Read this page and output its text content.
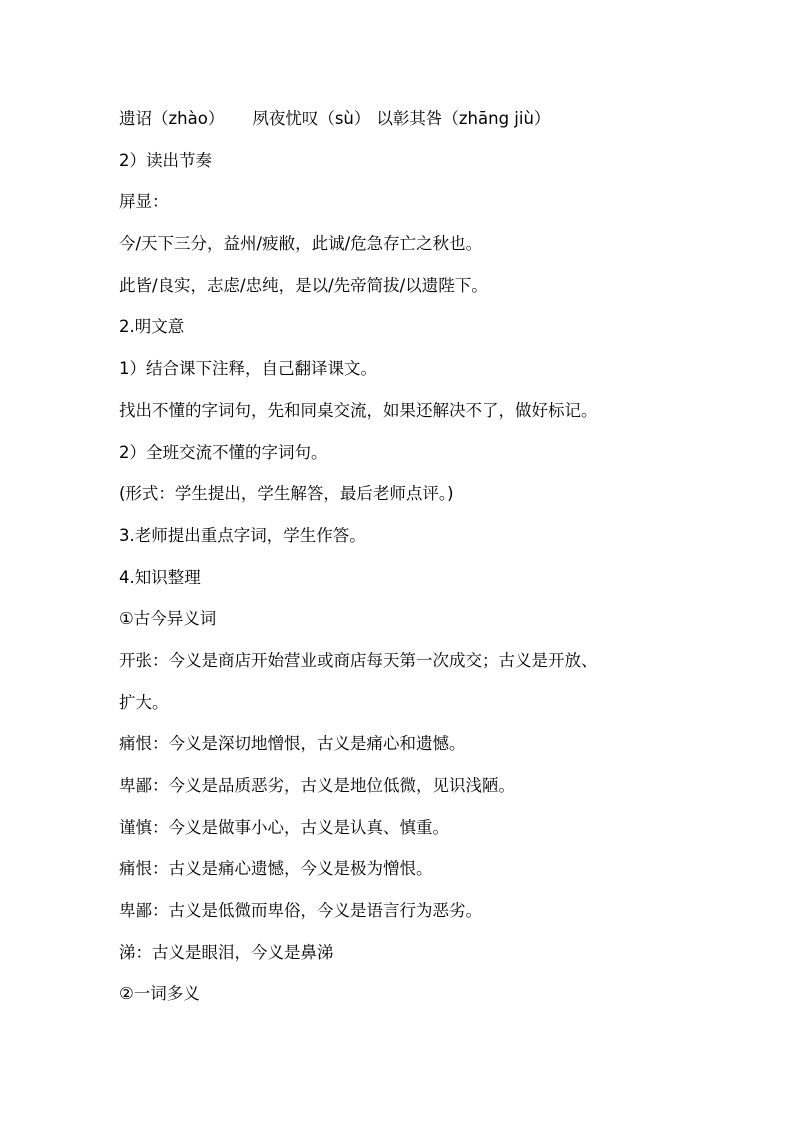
遗诏（zhào） 夙夜忧叹（sù） 以彰其咎（zhāng jiù）
2）读出节奏
屏显：
今/天下三分，益州/疲敝，此诚/危急存亡之秋也。
此皆/良实，志虑/忠纯，是以/先帝简拔/以遗陛下。
2.明文意
1）结合课下注释，自己翻译课文。
找出不懂的字词句，先和同桌交流，如果还解决不了，做好标记。
2）全班交流不懂的字词句。
(形式：学生提出，学生解答，最后老师点评。)
3.老师提出重点字词，学生作答。
4.知识整理
①古今异义词
开张：今义是商店开始营业或商店每天第一次成交；古义是开放、
扩大。
痛恨：今义是深切地憎恨，古义是痛心和遗憾。
卑鄙：今义是品质恶劣，古义是地位低微，见识浅陋。
谨慎：今义是做事小心，古义是认真、慎重。
痛恨：古义是痛心遗憾，今义是极为憎恨。
卑鄙：古义是低微而卑俗，今义是语言行为恶劣。
涕：古义是眼泪，今义是鼻涕
②一词多义
